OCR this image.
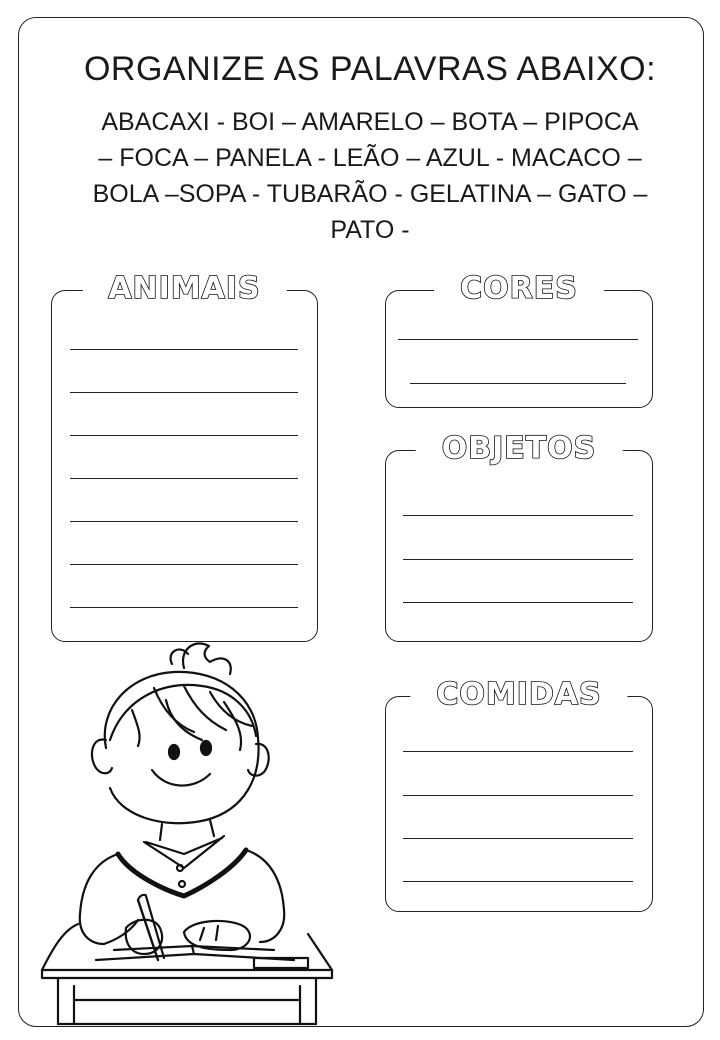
ORGANIZE AS PALAVRAS ABAIXO:
ABACAXI - BOI – AMARELO – BOTA – PIPOCA
– FOCA – PANELA - LEÃO – AZUL - MACACO –
BOLA –SOPA - TUBARÃO - GELATINA – GATO –
PATO -
ANIMAIS	CORES
OBJETOS
COMIDAS
